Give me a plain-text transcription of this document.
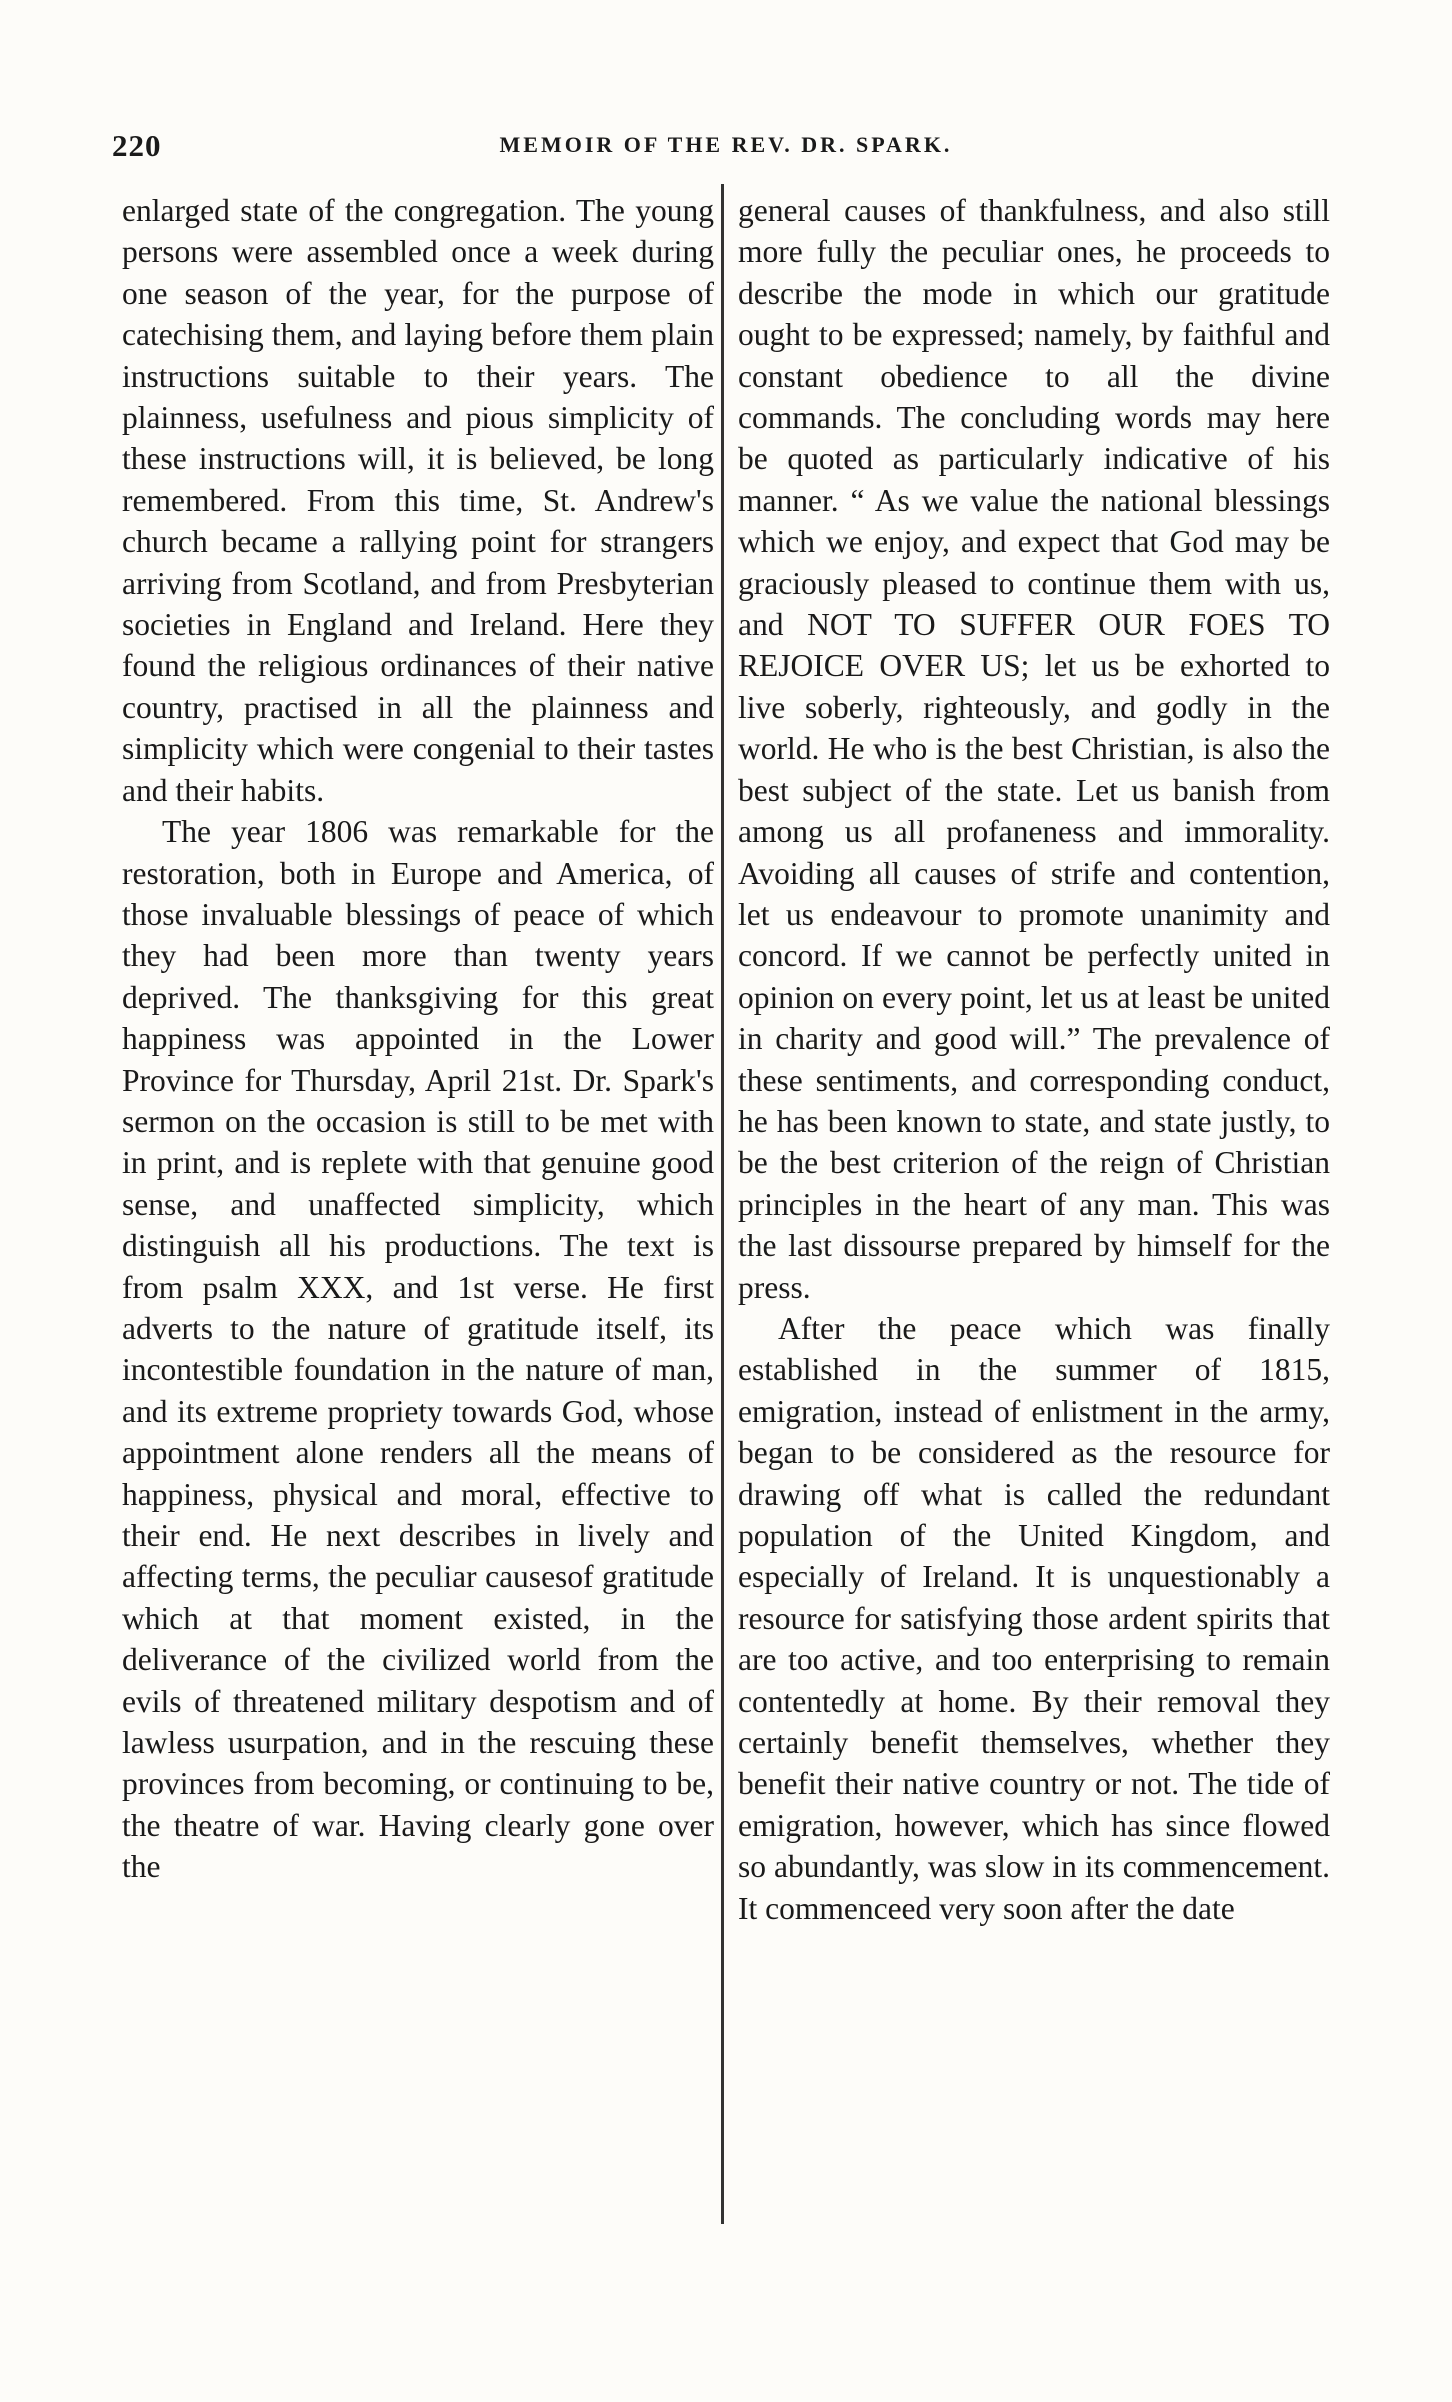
220	MEMOIR OF THE REV. DR. SPARK.

enlarged state of the congregation. The young persons were assembled once a week during one season of the year, for the purpose of catechising them, and laying before them plain instructions suitable to their years. The plainness, usefulness and pious simplicity of these instructions will, it is believed, be long remembered. From this time, St. Andrew's church became a rallying point for strangers arriving from Scotland, and from Presbyterian societies in England and Ireland. Here they found the religious ordinances of their native country, practised in all the plainness and simplicity which were congenial to their tastes and their habits.

The year 1806 was remarkable for the restoration, both in Europe and America, of those invaluable blessings of peace of which they had been more than twenty years deprived. The thanksgiving for this great happiness was appointed in the Lower Province for Thursday, April 21st. Dr. Spark's sermon on the occasion is still to be met with in print, and is replete with that genuine good sense, and unaffected simplicity, which distinguish all his productions. The text is from psalm XXX, and 1st verse. He first adverts to the nature of gratitude itself, its incontestible foundation in the nature of man, and its extreme propriety towards God, whose appointment alone renders all the means of happiness, physical and moral, effective to their end. He next describes in lively and affecting terms, the peculiar causesof gratitude which at that moment existed, in the deliverance of the civilized world from the evils of threatened military despotism and of lawless usurpation, and in the rescuing these provinces from becoming, or continuing to be, the theatre of war. Having clearly gone over the

general causes of thankfulness, and also still more fully the peculiar ones, he proceeds to describe the mode in which our gratitude ought to be expressed; namely, by faithful and constant obedience to all the divine commands. The concluding words may here be quoted as particularly indicative of his manner. “ As we value the national blessings which we enjoy, and expect that God may be graciously pleased to continue them with us, and NOT TO SUFFER OUR FOES TO REJOICE OVER US; let us be exhorted to live soberly, righteously, and godly in the world. He who is the best Christian, is also the best subject of the state. Let us banish from among us all profaneness and immorality. Avoiding all causes of strife and contention, let us endeavour to promote unanimity and concord. If we cannot be perfectly united in opinion on every point, let us at least be united in charity and good will.” The prevalence of these sentiments, and corresponding conduct, he has been known to state, and state justly, to be the best criterion of the reign of Christian principles in the heart of any man. This was the last dissourse prepared by himself for the press.

After the peace which was finally established in the summer of 1815, emigration, instead of enlistment in the army, began to be considered as the resource for drawing off what is called the redundant population of the United Kingdom, and especially of Ireland. It is unquestionably a resource for satisfying those ardent spirits that are too active, and too enterprising to remain contentedly at home. By their removal they certainly benefit themselves, whether they benefit their native country or not. The tide of emigration, however, which has since flowed so abundantly, was slow in its commencement. It commenceed very soon after the date
